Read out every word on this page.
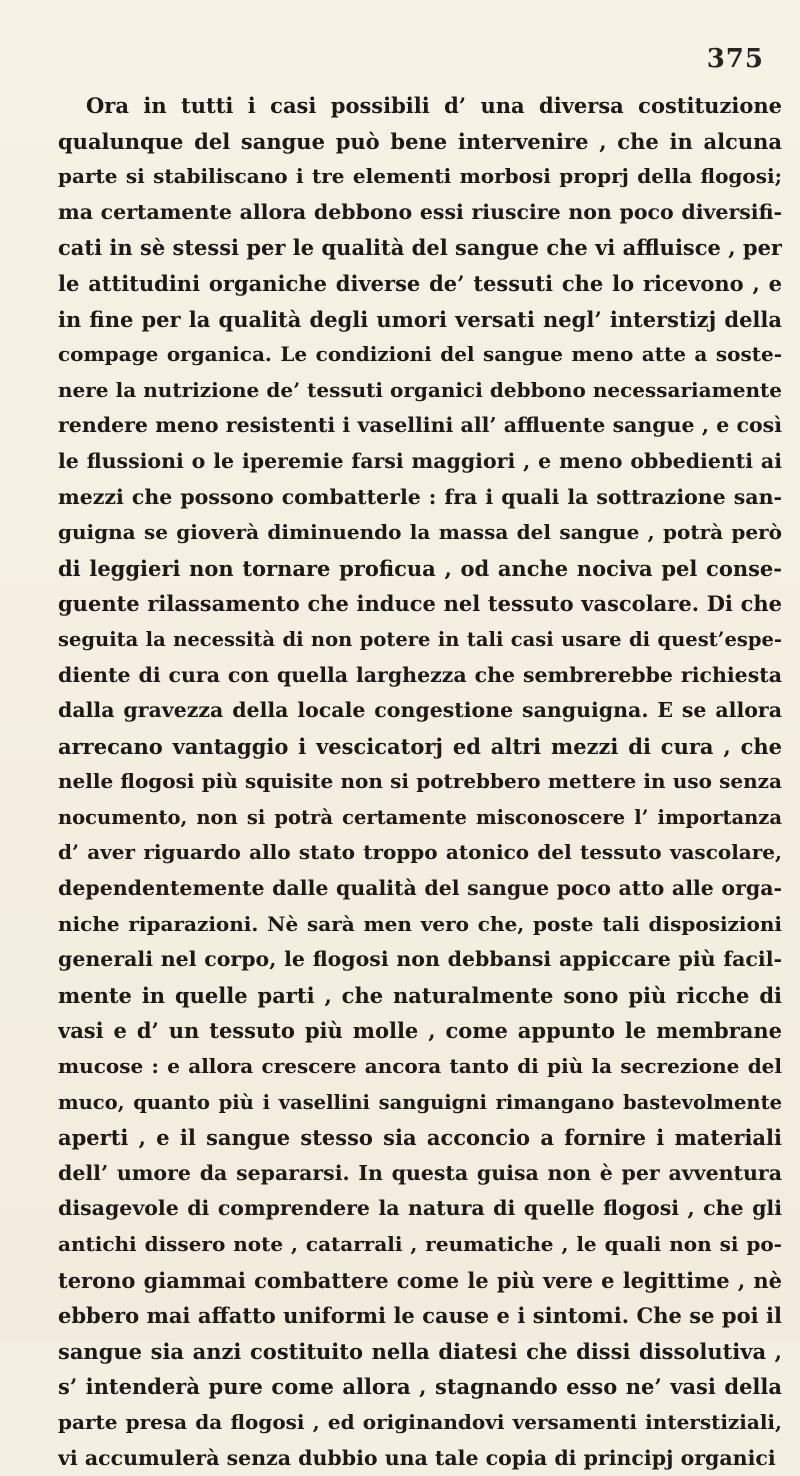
375
Ora in tutti i casi possibili d’ una diversa costituzione
qualunque del sangue può bene intervenire , che in alcuna
parte si stabiliscano i tre elementi morbosi proprj della flogosi;
ma certamente allora debbono essi riuscire non poco diversifi-
cati in sè stessi per le qualità del sangue che vi affluisce , per
le attitudini organiche diverse de’ tessuti che lo ricevono , e
in fine per la qualità degli umori versati negl’ interstizj della
compage organica. Le condizioni del sangue meno atte a soste-
nere la nutrizione de’ tessuti organici debbono necessariamente
rendere meno resistenti i vasellini all’ affluente sangue , e così
le flussioni o le iperemie farsi maggiori , e meno obbedienti ai
mezzi che possono combatterle : fra i quali la sottrazione san-
guigna se gioverà diminuendo la massa del sangue , potrà però
di leggieri non tornare proficua , od anche nociva pel conse-
guente rilassamento che induce nel tessuto vascolare. Di che
seguita la necessità di non potere in tali casi usare di quest’espe-
diente di cura con quella larghezza che sembrerebbe richiesta
dalla gravezza della locale congestione sanguigna. E se allora
arrecano vantaggio i vescicatorj ed altri mezzi di cura , che
nelle flogosi più squisite non si potrebbero mettere in uso senza
nocumento, non si potrà certamente misconoscere l’ importanza
d’ aver riguardo allo stato troppo atonico del tessuto vascolare,
dependentemente dalle qualità del sangue poco atto alle orga-
niche riparazioni. Nè sarà men vero che, poste tali disposizioni
generali nel corpo, le flogosi non debbansi appiccare più facil-
mente in quelle parti , che naturalmente sono più ricche di
vasi e d’ un tessuto più molle , come appunto le membrane
mucose : e allora crescere ancora tanto di più la secrezione del
muco, quanto più i vasellini sanguigni rimangano bastevolmente
aperti , e il sangue stesso sia acconcio a fornire i materiali
dell’ umore da separarsi. In questa guisa non è per avventura
disagevole di comprendere la natura di quelle flogosi , che gli
antichi dissero note , catarrali , reumatiche , le quali non si po-
terono giammai combattere come le più vere e legittime , nè
ebbero mai affatto uniformi le cause e i sintomi. Che se poi il
sangue sia anzi costituito nella diatesi che dissi dissolutiva ,
s’ intenderà pure come allora , stagnando esso ne’ vasi della
parte presa da flogosi , ed originandovi versamenti interstiziali,
vi accumulerà senza dubbio una tale copia di principj organici
